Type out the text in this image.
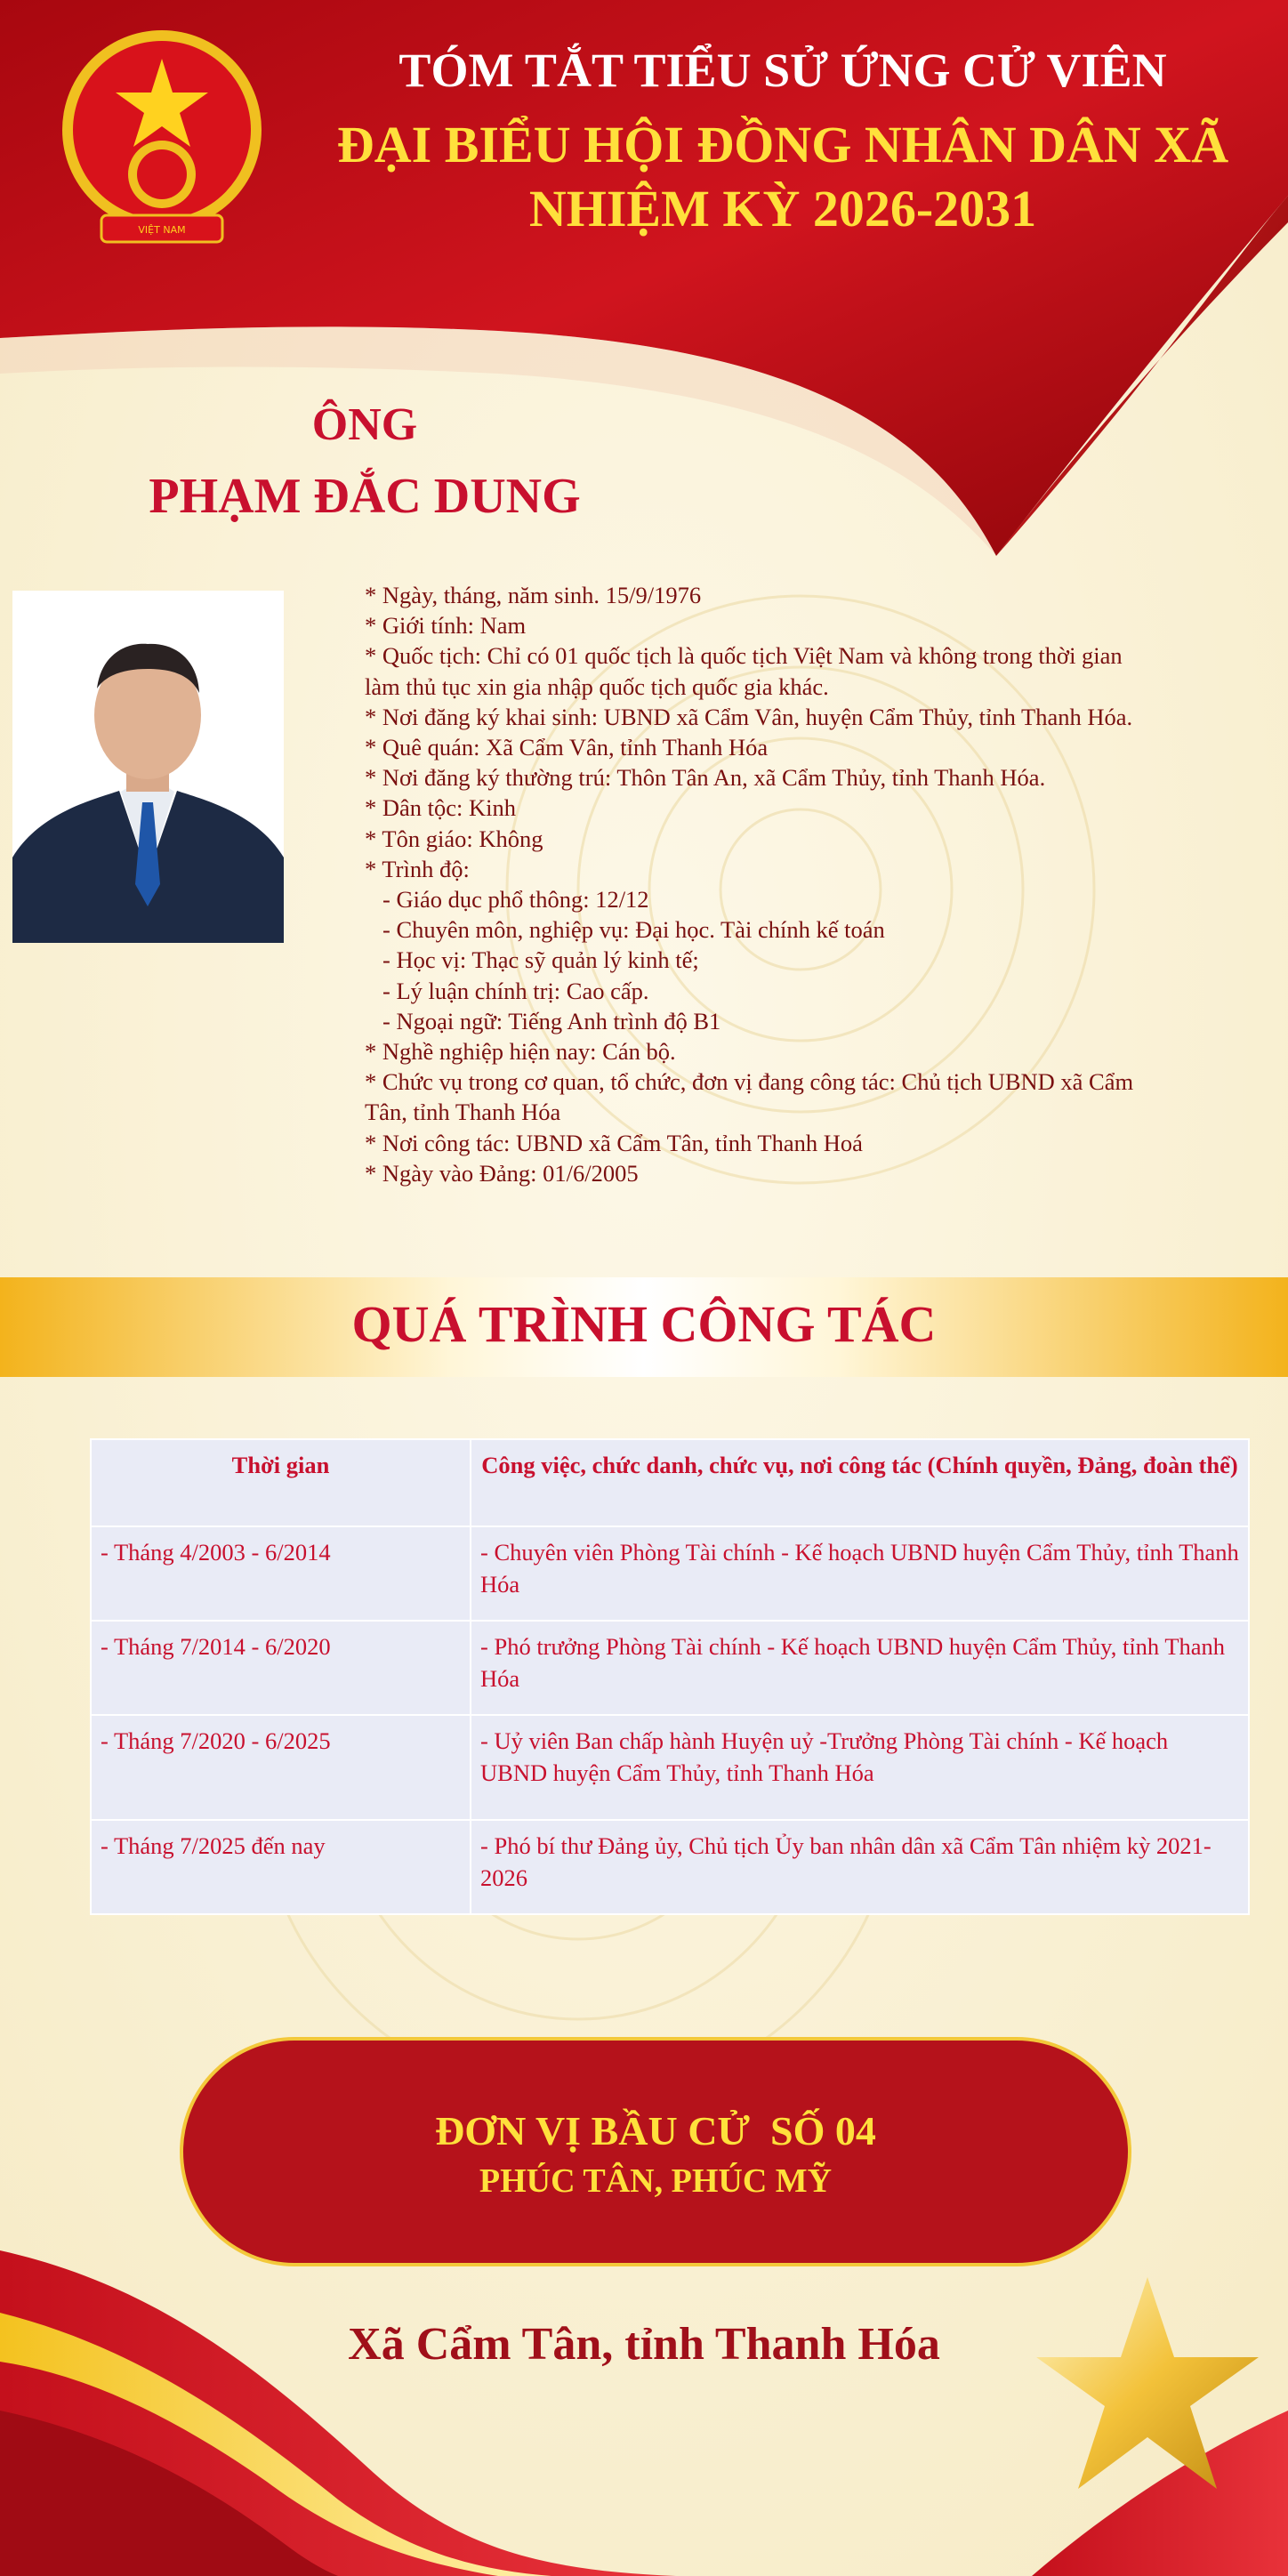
VIỆT NAM
TÓM TẮT TIỂU SỬ ỨNG CỬ VIÊN
ĐẠI BIỂU HỘI ĐỒNG NHÂN DÂN XÃ
NHIỆM KỲ 2026-2031
ÔNG
PHẠM ĐẮC DUNG
* Ngày, tháng, năm sinh. 15/9/1976
* Giới tính: Nam
* Quốc tịch: Chỉ có 01 quốc tịch là quốc tịch Việt Nam và không trong thời gian
làm thủ tục xin gia nhập quốc tịch quốc gia khác.
* Nơi đăng ký khai sinh: UBND xã Cẩm Vân, huyện Cẩm Thủy, tỉnh Thanh Hóa.
* Quê quán: Xã Cẩm Vân, tỉnh Thanh Hóa
* Nơi đăng ký thường trú: Thôn Tân An, xã Cẩm Thủy, tỉnh Thanh Hóa.
* Dân tộc: Kinh
* Tôn giáo: Không
* Trình độ:
- Giáo dục phổ thông: 12/12
- Chuyên môn, nghiệp vụ: Đại học. Tài chính kế toán
- Học vị: Thạc sỹ quản lý kinh tế;
- Lý luận chính trị: Cao cấp.
- Ngoại ngữ: Tiếng Anh trình độ B1
* Nghề nghiệp hiện nay: Cán bộ.
* Chức vụ trong cơ quan, tổ chức, đơn vị đang công tác: Chủ tịch UBND xã Cẩm
Tân, tỉnh Thanh Hóa
* Nơi công tác: UBND xã Cẩm Tân, tỉnh Thanh Hoá
* Ngày vào Đảng: 01/6/2005
QUÁ TRÌNH CÔNG TÁC
Thời gian	Công việc, chức danh, chức vụ, nơi công tác (Chính quyền, Đảng, đoàn thể)
- Tháng 4/2003 - 6/2014	- Chuyên viên Phòng Tài chính - Kế hoạch UBND huyện Cẩm Thủy, tỉnh Thanh Hóa
- Tháng 7/2014 - 6/2020	- Phó trưởng Phòng Tài chính - Kế hoạch UBND huyện Cẩm Thủy, tỉnh Thanh Hóa
- Tháng 7/2020 - 6/2025	- Uỷ viên Ban chấp hành Huyện uỷ -Trưởng Phòng Tài chính - Kế hoạch UBND huyện Cẩm Thủy, tỉnh Thanh Hóa
- Tháng 7/2025 đến nay	- Phó bí thư Đảng ủy, Chủ tịch Ủy ban nhân dân xã Cẩm Tân nhiệm kỳ 2021-2026
ĐƠN VỊ BẦU CỬ  SỐ 04
PHÚC TÂN, PHÚC MỸ
Xã Cẩm Tân, tỉnh Thanh Hóa
